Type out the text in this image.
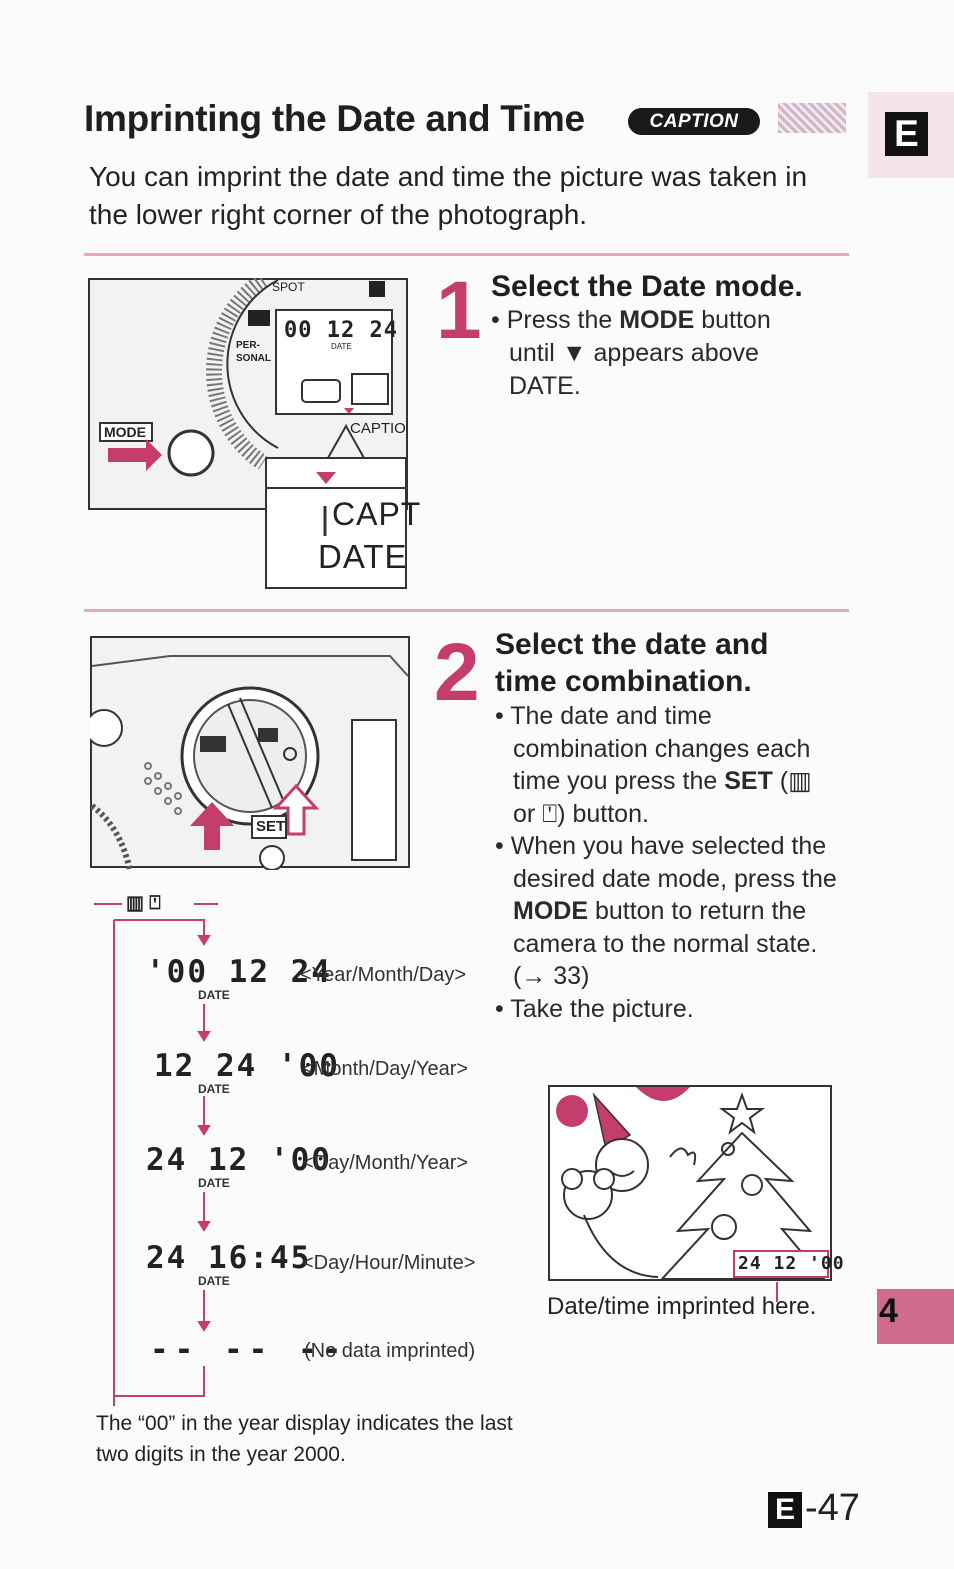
E
Imprinting the Date and Time	CAPTION
You can imprint the date and time the picture was taken in the lower right corner of the photograph.
SPOT
PER-
SONAL
MODE
00 12 24
DATE
CAPTIO
CAPT
DATE
1 Select the Date mode.

• Press the MODE button until ▼ appears above DATE.

SET
2 Select the date and
time combination.

• The date and time combination changes each time you press the SET (▥ or ⍞) button.

• When you have selected the desired date mode, press the MODE button to return the camera to the normal state. (→ 33)

• Take the picture.

▥ ⍞
'00 12 24
DATE
<Year/Month/Day>
12 24 '00
DATE
<Month/Day/Year>
24 12 '00
DATE
<Day/Month/Year>
24 16:45
DATE
<Day/Hour/Minute>
-- -- --
(No data imprinted)
The “00” in the year display indicates the last two digits in the year 2000.
24 12 '00
Date/time imprinted here. 4
E -47
